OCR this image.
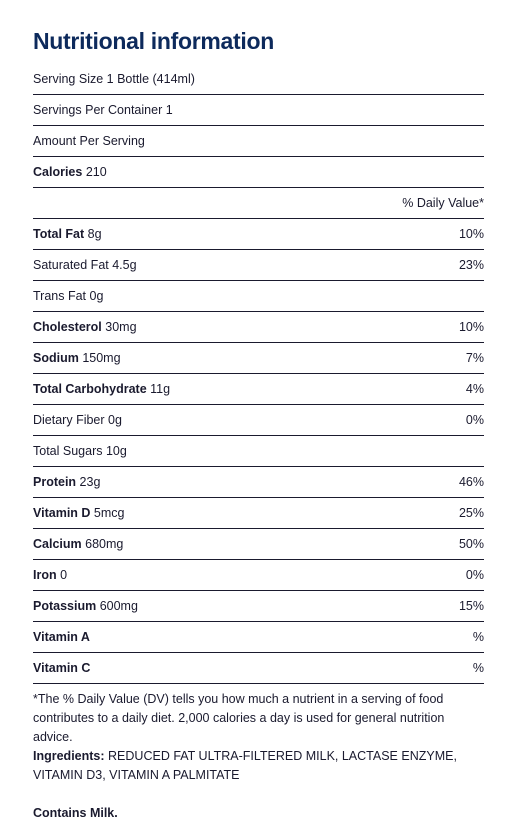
Nutritional information
Serving Size 1 Bottle (414ml)
Servings Per Container 1
Amount Per Serving
Calories 210
% Daily Value*
Total Fat 8g	10%
Saturated Fat 4.5g	23%
Trans Fat 0g
Cholesterol 30mg	10%
Sodium 150mg	7%
Total Carbohydrate 11g	4%
Dietary Fiber 0g	0%
Total Sugars 10g
Protein 23g	46%
Vitamin D 5mcg	25%
Calcium 680mg	50%
Iron 0	0%
Potassium 600mg	15%
Vitamin A	%
Vitamin C	%
*The % Daily Value (DV) tells you how much a nutrient in a serving of food contributes to a daily diet. 2,000 calories a day is used for general nutrition advice.
Ingredients: REDUCED FAT ULTRA-FILTERED MILK, LACTASE ENZYME, VITAMIN D3, VITAMIN A PALMITATE
Contains Milk.
